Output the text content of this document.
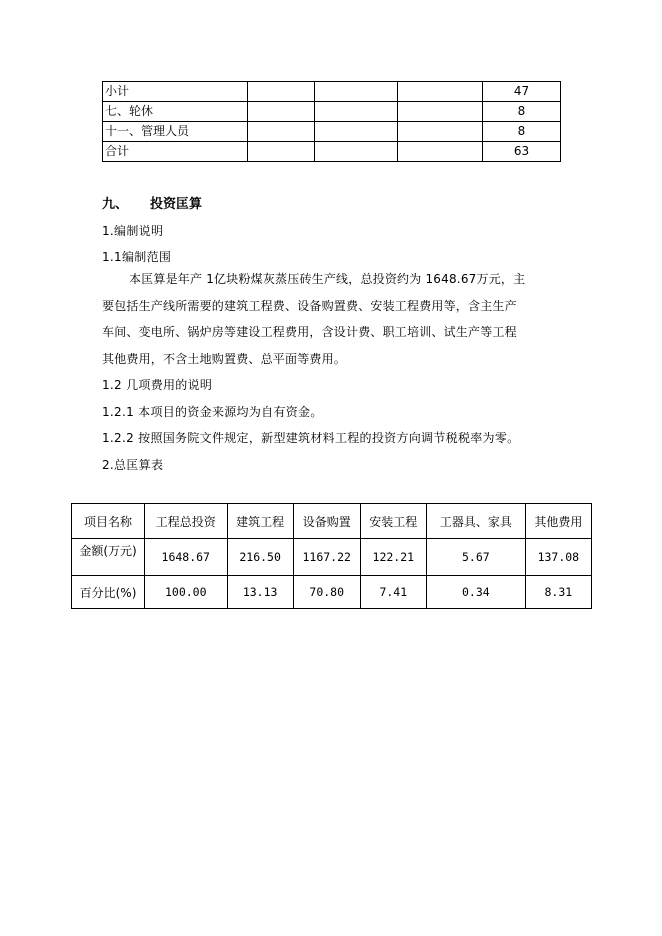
小计				47
七、轮休				8
十一、管理人员				8
合计				63
九、 投资匡算
1.编制说明
1.1编制范围
本匡算是年产 1亿块粉煤灰蒸压砖生产线，总投资约为 1648.67万元，主
要包括生产线所需要的建筑工程费、设备购置费、安装工程费用等，含主生产
车间、变电所、锅炉房等建设工程费用，含设计费、职工培训、试生产等工程
其他费用，不含土地购置费、总平面等费用。
1.2 几项费用的说明
1.2.1 本项目的资金来源均为自有资金。
1.2.2 按照国务院文件规定，新型建筑材料工程的投资方向调节税税率为零。
2.总匡算表
项目名称	工程总投资	建筑工程	设备购置	安装工程	工器具、家具	其他费用
金额(万元)	1648.67	216.50	1167.22	122.21	5.67	137.08
百分比(%)	100.00	13.13	70.80	7.41	0.34	8.31
